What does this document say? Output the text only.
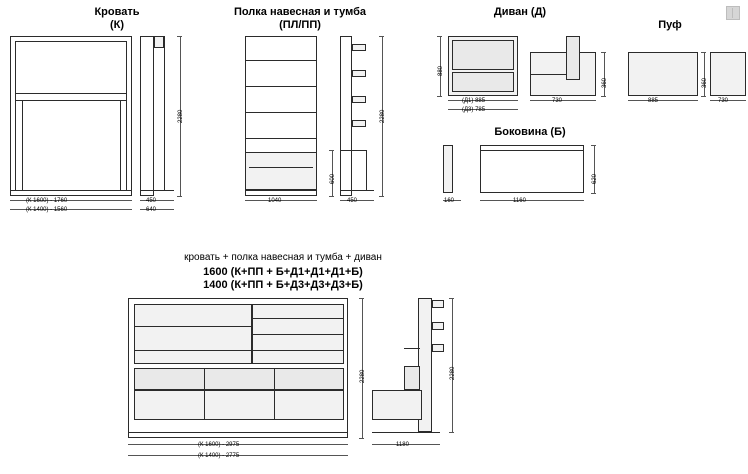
Кровать
(К)
2280
(К 1600) - 1760
(К 1400) - 1560
450
640
Полка навесная и тумба
(ПЛ/ПП)
1040
2280
600
450
Диван (Д)
880
360
(Д1) 885
(Д3) 785
730
Пуф
885	730
360
Боковина (Б)
160	1160
620
кровать + полка навесная и тумба + диван
1600 (К+ПП + Б+Д1+Д1+Д1+Б)
1400 (К+ПП + Б+Д3+Д3+Д3+Б)
2280
(К 1600) - 2975
(К 1400) - 2775
2280
1180
